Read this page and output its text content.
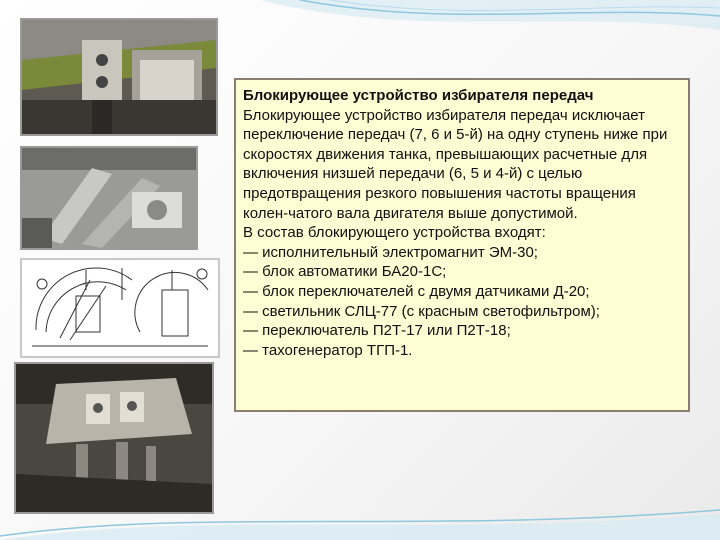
Блокирующее устройство избирателя передач

Блокирующее устройство избирателя передач исключает переключение передач (7, 6 и 5-й) на одну ступень ниже при скоростях движения танка, превышающих расчетные для включения низшей передачи (6, 5 и 4-й) с целью предотвращения резкого повышения частоты вращения колен-чатого вала двигателя выше допустимой.

В состав блокирующего устройства входят:

— исполнительный электромагнит ЭМ-30;

— блок автоматики БА20-1С;

— блок переключателей с двумя датчиками Д-20;

— светильник СЛЦ-77 (с красным светофильтром);

— переключатель П2Т-17 или П2Т-18;

— тахогенератор ТГП-1.
